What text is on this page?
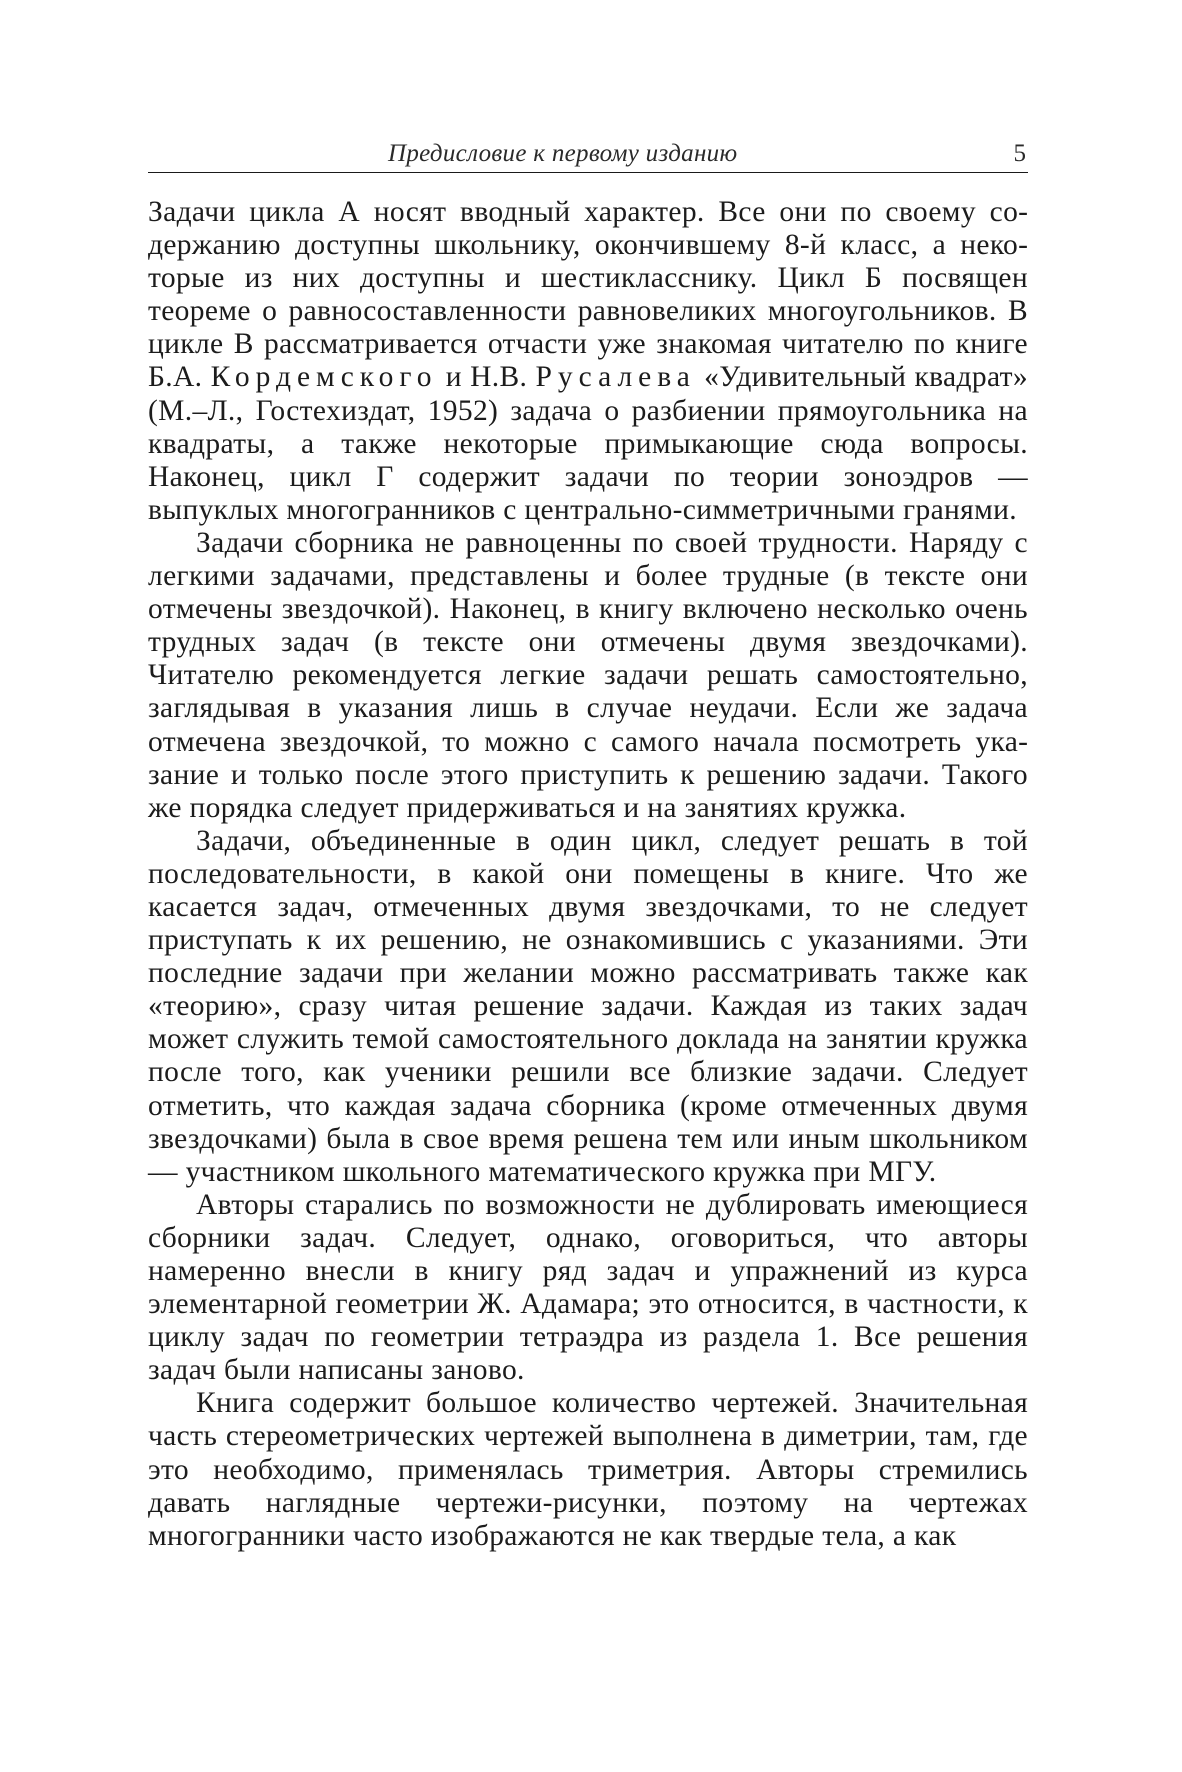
Предисловие к первому изданию	5

Задачи цикла А носят вводный характер. Все они по своему содержанию доступны школьнику, окончившему 8-й класс, а некоторые из них доступны и шестикласснику. Цикл Б посвящен теореме о равносоставленности равновеликих многоугольников. В цикле В рассматривается отчасти уже знакомая читателю по книге Б.А. Кордемского и Н.В. Русалева «Удивительный квадрат» (М.–Л., Гостехиздат, 1952) задача о разбиении прямоугольника на квадраты, а также некоторые примыкающие сюда вопросы. Наконец, цикл Г содержит задачи по теории зоноэдров — выпуклых многогранников с центрально-симметричными гранями.

Задачи сборника не равноценны по своей трудности. Наряду с легкими задачами, представлены и более трудные (в тексте они отмечены звездочкой). Наконец, в книгу включено несколько очень трудных задач (в тексте они отмечены двумя звездочками). Читателю рекомендуется легкие задачи решать самостоятельно, заглядывая в указания лишь в случае неудачи. Если же задача отмечена звездочкой, то можно с самого начала посмотреть указание и только после этого приступить к решению задачи. Такого же порядка следует придерживаться и на занятиях кружка.

Задачи, объединенные в один цикл, следует решать в той последовательности, в какой они помещены в книге. Что же касается задач, отмеченных двумя звездочками, то не следует приступать к их решению, не ознакомившись с указаниями. Эти последние задачи при желании можно рассматривать также как «теорию», сразу читая решение задачи. Каждая из таких задач может служить темой самостоятельного доклада на занятии кружка после того, как ученики решили все близкие задачи. Следует отметить, что каждая задача сборника (кроме отмеченных двумя звездочками) была в свое время решена тем или иным школьником — участником школьного математического кружка при МГУ.

Авторы старались по возможности не дублировать имеющиеся сборники задач. Следует, однако, оговориться, что авторы намеренно внесли в книгу ряд задач и упражнений из курса элементарной геометрии Ж. Адамара; это относится, в частности, к циклу задач по геометрии тетраэдра из раздела 1. Все решения задач были написаны заново.

Книга содержит большое количество чертежей. Значительная часть стереометрических чертежей выполнена в диметрии, там, где это необходимо, применялась триметрия. Авторы стремились давать наглядные чертежи-рисунки, поэтому на чертежах многогранники часто изображаются не как твердые тела, а как
